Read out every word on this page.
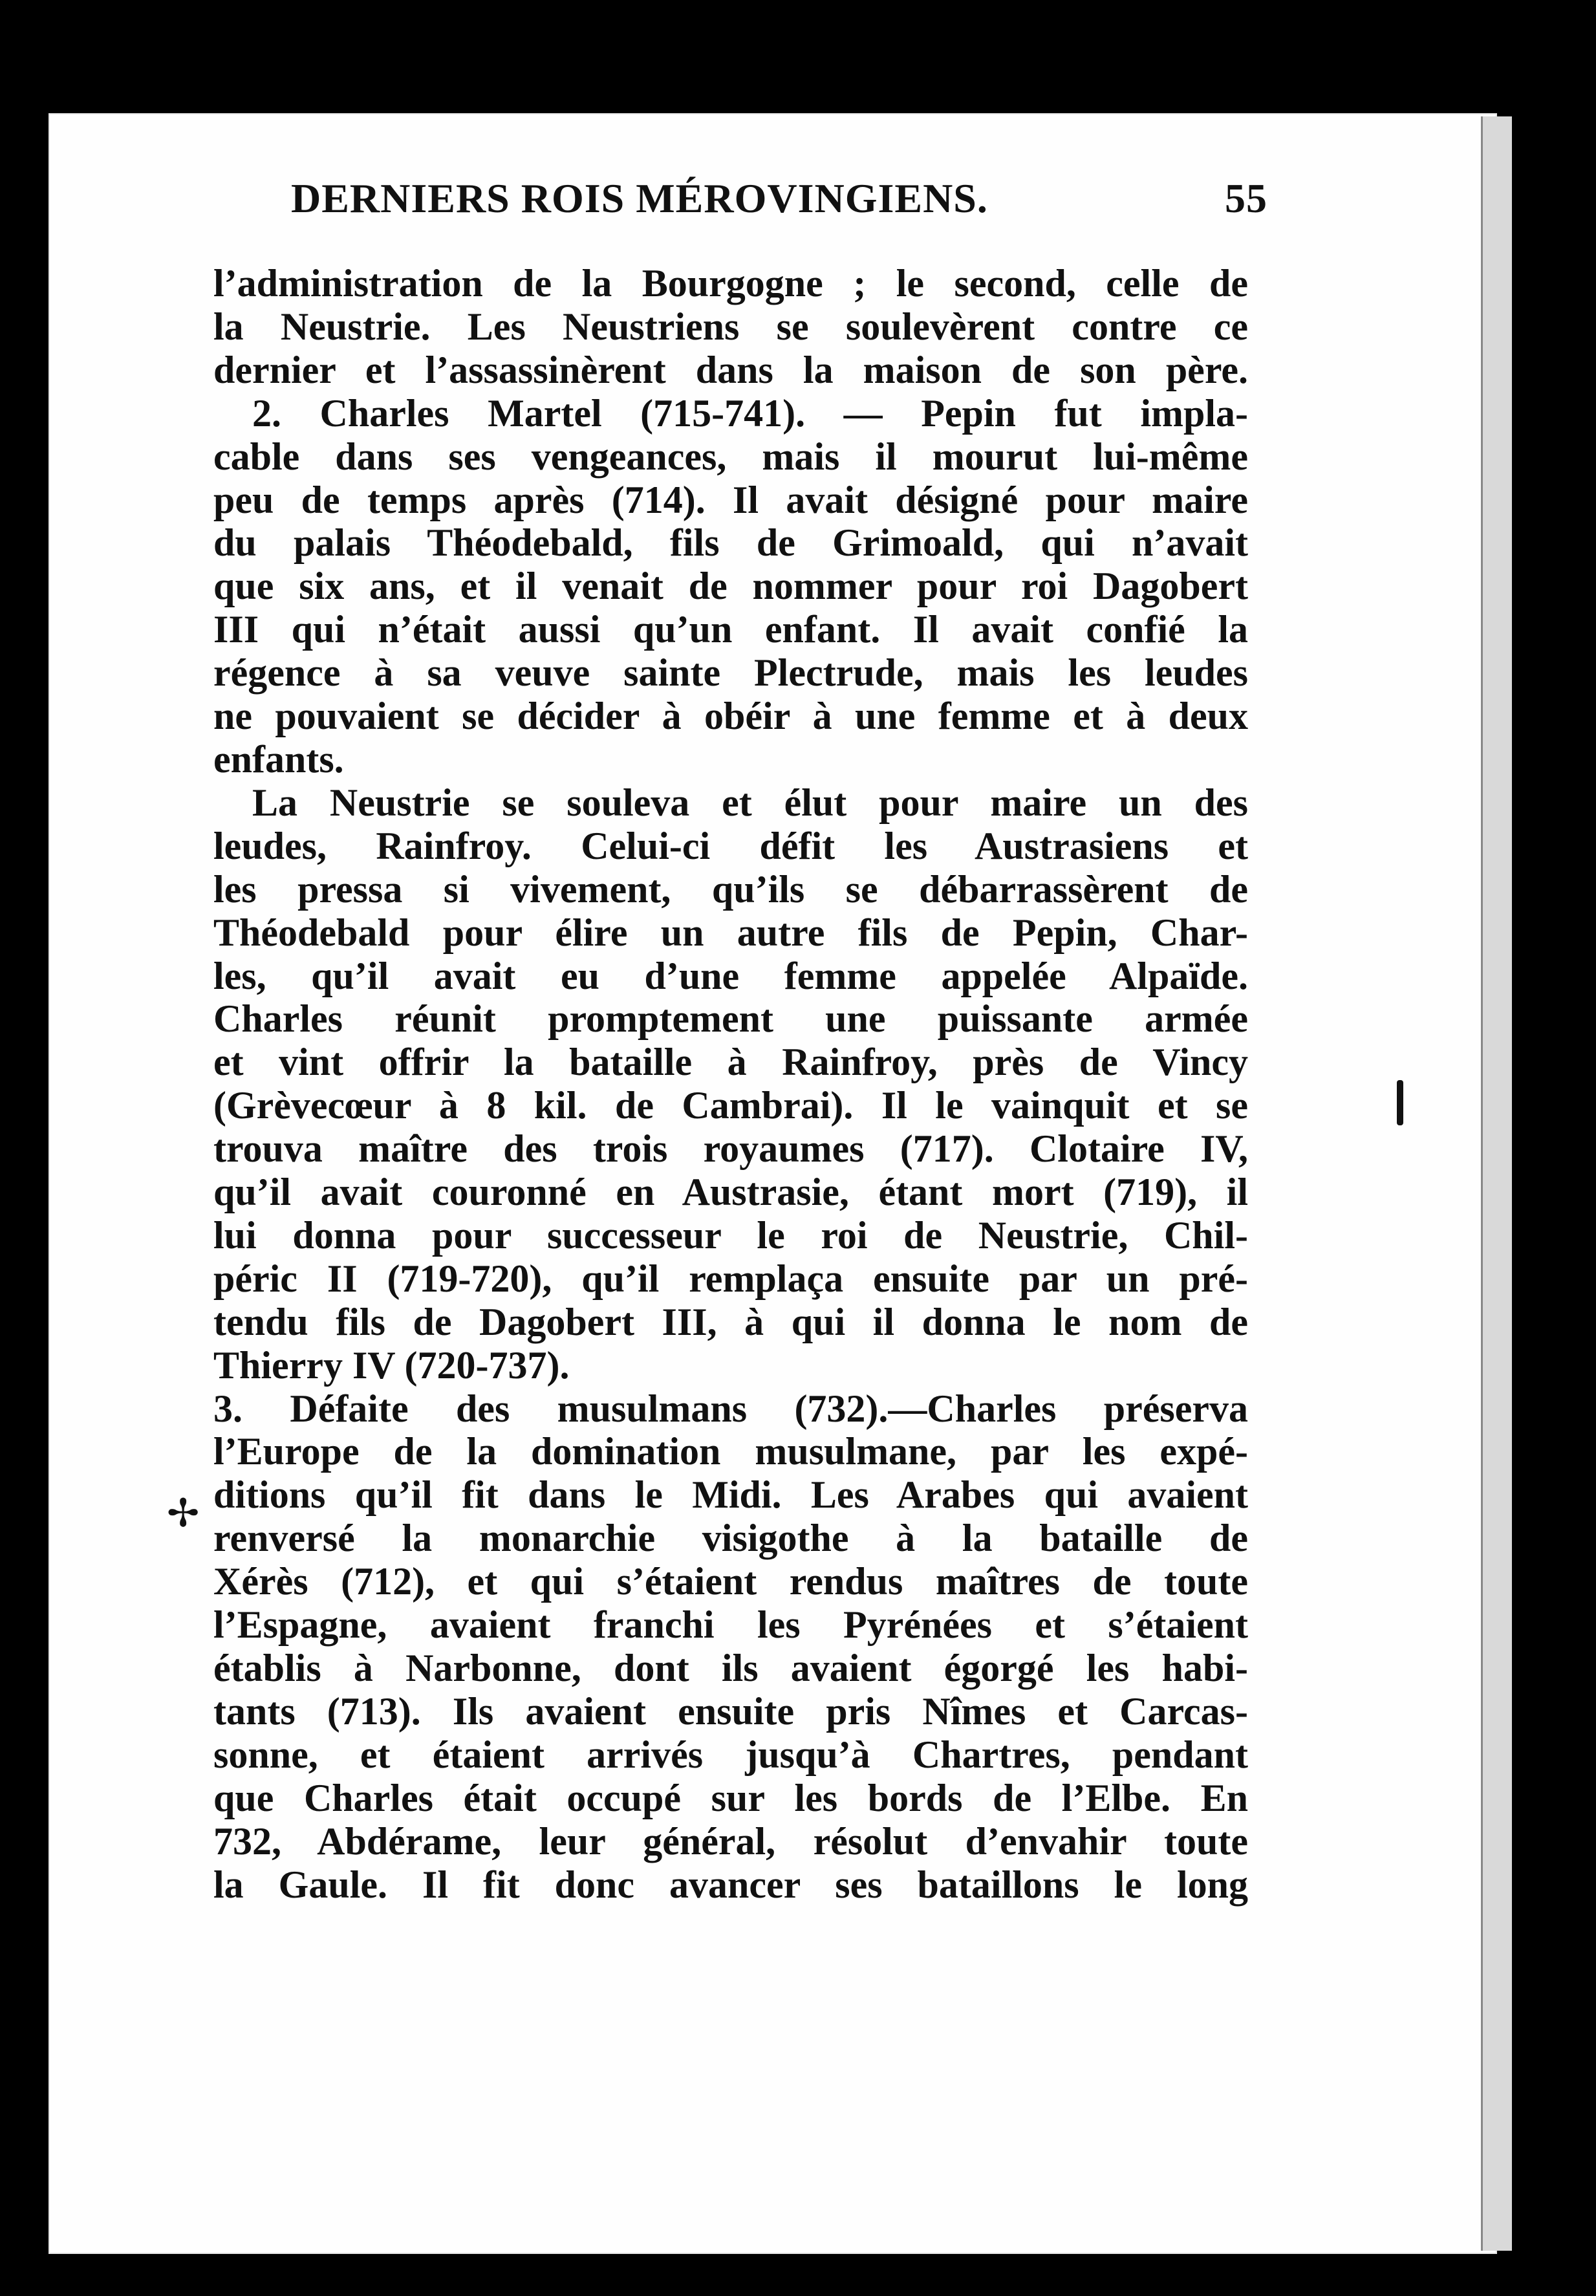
DERNIERS ROIS MÉROVINGIENS.	55
l’administration de la Bourgogne ; le second, celle de
la Neustrie. Les Neustriens se soulevèrent contre ce
dernier et l’assassinèrent dans la maison de son père.
2. Charles Martel (715-741). — Pepin fut impla-
cable dans ses vengeances, mais il mourut lui-même
peu de temps après (714). Il avait désigné pour maire
du palais Théodebald, fils de Grimoald, qui n’avait
que six ans, et il venait de nommer pour roi Dagobert
III qui n’était aussi qu’un enfant. Il avait confié la
régence à sa veuve sainte Plectrude, mais les leudes
ne pouvaient se décider à obéir à une femme et à deux
enfants.
La Neustrie se souleva et élut pour maire un des
leudes, Rainfroy. Celui-ci défit les Austrasiens et
les pressa si vivement, qu’ils se débarrassèrent de
Théodebald pour élire un autre fils de Pepin, Char-
les, qu’il avait eu d’une femme appelée Alpaïde.
Charles réunit promptement une puissante armée
et vint offrir la bataille à Rainfroy, près de Vincy
(Grèvecœur à 8 kil. de Cambrai). Il le vainquit et se
trouva maître des trois royaumes (717). Clotaire IV,
qu’il avait couronné en Austrasie, étant mort (719), il
lui donna pour successeur le roi de Neustrie, Chil-
péric II (719-720), qu’il remplaça ensuite par un pré-
tendu fils de Dagobert III, à qui il donna le nom de
Thierry IV (720-737).
3. Défaite des musulmans (732).—Charles préserva
l’Europe de la domination musulmane, par les expé-
ditions qu’il fit dans le Midi. Les Arabes qui avaient
renversé la monarchie visigothe à la bataille de
Xérès (712), et qui s’étaient rendus maîtres de toute
l’Espagne, avaient franchi les Pyrénées et s’étaient
établis à Narbonne, dont ils avaient égorgé les habi-
tants (713). Ils avaient ensuite pris Nîmes et Carcas-
sonne, et étaient arrivés jusqu’à Chartres, pendant
que Charles était occupé sur les bords de l’Elbe. En
732, Abdérame, leur général, résolut d’envahir toute
la Gaule. Il fit donc avancer ses bataillons le long
✢
